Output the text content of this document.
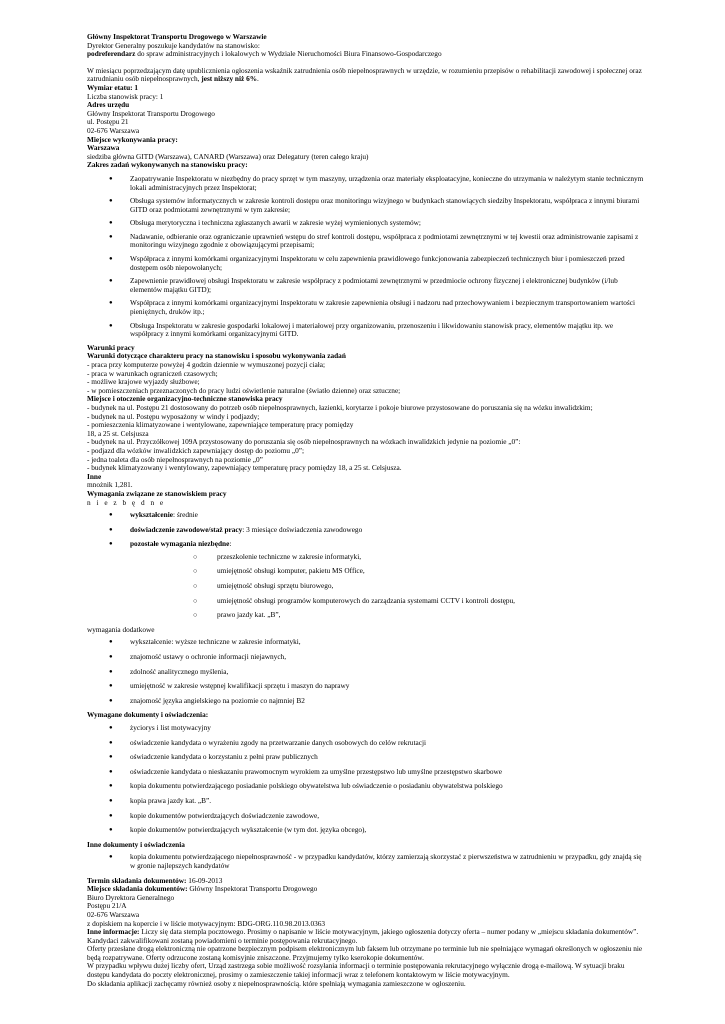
Główny Inspektorat Transportu Drogowego w Warszawie

Dyrektor Generalny poszukuje kandydatów na stanowisko:

podreferendarz do spraw administracyjnych i lokalowych w Wydziale Nieruchomości Biura Finansowo-Gospodarczego

W miesiącu poprzedzającym datę upublicznienia ogłoszenia wskaźnik zatrudnienia osób niepełnosprawnych w urzędzie, w rozumieniu przepisów o rehabilitacji zawodowej i społecznej oraz zatrudnianiu osób niepełnosprawnych, jest niższy niż 6%.

Wymiar etatu: 1

Liczba stanowisk pracy: 1

Adres urzędu

Główny Inspektorat Transportu Drogowego

ul. Postępu 21

02-676 Warszawa

Miejsce wykonywania pracy:

Warszawa

siedziba główna GITD (Warszawa), CANARD (Warszawa) oraz Delegatury (teren całego kraju)

Zakres zadań wykonywanych na stanowisku pracy:

● Zaopatrywanie Inspektoratu w niezbędny do pracy sprzęt w tym maszyny, urządzenia oraz materiały eksploatacyjne, konieczne do utrzymania w należytym stanie technicznym lokali administracyjnych przez Inspektorat;
● Obsługa systemów informatycznych w zakresie kontroli dostępu oraz monitoringu wizyjnego w budynkach stanowiących siedziby Inspektoratu, współpraca z innymi biurami GITD oraz podmiotami zewnętrznymi w tym zakresie;
● Obsługa merytoryczna i techniczna zgłaszanych awarii w zakresie wyżej wymienionych systemów;
● Nadawanie, odbieranie oraz ograniczanie uprawnień wstępu do stref kontroli dostępu, współpraca z podmiotami zewnętrznymi w tej kwestii oraz administrowanie zapisami z monitoringu wizyjnego zgodnie z obowiązującymi przepisami;
● Współpraca z innymi komórkami organizacyjnymi Inspektoratu w celu zapewnienia prawidłowego funkcjonowania zabezpieczeń technicznych biur i pomieszczeń przed dostępem osób niepowołanych;
● Zapewnienie prawidłowej obsługi Inspektoratu w zakresie współpracy z podmiotami zewnętrznymi w przedmiocie ochrony fizycznej i elektronicznej budynków (i/lub elementów majątku GITD);
● Współpraca z innymi komórkami organizacyjnymi Inspektoratu w zakresie zapewnienia obsługi i nadzoru nad przechowywaniem i bezpiecznym transportowaniem wartości pieniężnych, druków itp.;
● Obsługa Inspektoratu w zakresie gospodarki lokalowej i materiałowej przy organizowaniu, przenoszeniu i likwidowaniu stanowisk pracy, elementów majątku itp. we współpracy z innymi komórkami organizacyjnymi GITD.

Warunki pracy

Warunki dotyczące charakteru pracy na stanowisku i sposobu wykonywania zadań

- praca przy komputerze powyżej 4 godzin dziennie w wymuszonej pozycji ciała;

- praca w warunkach ograniczeń czasowych;

- możliwe krajowe wyjazdy służbowe;

- w pomieszczeniach przeznaczonych do pracy ludzi oświetlenie naturalne (światło dzienne) oraz sztuczne;

Miejsce i otoczenie organizacyjno-techniczne stanowiska pracy

- budynek na ul. Postępu 21 dostosowany do potrzeb osób niepełnosprawnych, łazienki, korytarze i pokoje biurowe przystosowane do poruszania się na wózku inwalidzkim;

- budynek na ul. Postępu wyposażony w windy i podjazdy;

- pomieszczenia klimatyzowane i wentylowane, zapewniające temperaturę pracy pomiędzy

18, a 25 st. Celsjusza

- budynek na ul. Przyczółkowej 109A przystosowany do poruszania się osób niepełnosprawnych na wózkach inwalidzkich jedynie na poziomie „0”:

- podjazd dla wózków inwalidzkich zapewniający dostęp do poziomu „0”;

- jedna toaleta dla osób niepełnosprawnych na poziomie „0”

- budynek klimatyzowany i wentylowany, zapewniający temperaturę pracy pomiędzy 18, a 25 st. Celsjusza.

Inne

mnożnik 1,281.

Wymagania związane ze stanowiskiem pracy

n i e z b ę d n e

● wykształcenie: średnie
● doświadczenie zawodowe/staż pracy: 3 miesiące doświadczenia zawodowego
● pozostałe wymagania niezbędne:
○ przeszkolenie techniczne w zakresie informatyki,
○ umiejętność obsługi komputer, pakietu MS Office,
○ umiejętność obsługi sprzętu biurowego,
○ umiejętność obsługi programów komputerowych do zarządzania systemami CCTV i kontroli dostępu,
○ prawo jazdy kat. „B”,

wymagania dodatkowe

● wykształcenie: wyższe techniczne w zakresie informatyki,
● znajomość ustawy o ochronie informacji niejawnych,
● zdolność analitycznego myślenia,
● umiejętność w zakresie wstępnej kwalifikacji sprzętu i maszyn do naprawy
● znajomość języka angielskiego na poziomie co najmniej B2

Wymagane dokumenty i oświadczenia:

● życiorys i list motywacyjny
● oświadczenie kandydata o wyrażeniu zgody na przetwarzanie danych osobowych do celów rekrutacji
● oświadczenie kandydata o korzystaniu z pełni praw publicznych
● oświadczenie kandydata o nieskazaniu prawomocnym wyrokiem za umyślne przestępstwo lub umyślne przestępstwo skarbowe
● kopia dokumentu potwierdzającego posiadanie polskiego obywatelstwa lub oświadczenie o posiadaniu obywatelstwa polskiego
● kopia prawa jazdy kat. „B”.
● kopie dokumentów potwierdzających doświadczenie zawodowe,
● kopie dokumentów potwierdzających wykształcenie (w tym dot. języka obcego),

Inne dokumenty i oświadczenia

● kopia dokumentu potwierdzającego niepełnosprawność - w przypadku kandydatów, którzy zamierzają skorzystać z pierwszeństwa w zatrudnieniu w przypadku, gdy znajdą się w gronie najlepszych kandydatów

Termin składania dokumentów: 16-09-2013

Miejsce składania dokumentów: Główny Inspektorat Transportu Drogowego

Biuro Dyrektora Generalnego

Postępu 21/A

02-676 Warszawa

z dopiskiem na kopercie i w liście motywacyjnym: BDG-ORG.110.98.2013.0363

Inne informacje: Liczy się data stempla pocztowego. Prosimy o napisanie w liście motywacyjnym, jakiego ogłoszenia dotyczy oferta – numer podany w „miejscu składania dokumentów”. Kandydaci zakwalifikowani zostaną powiadomieni o terminie postępowania rekrutacyjnego.

Oferty przesłane drogą elektroniczną nie opatrzone bezpiecznym podpisem elektronicznym lub faksem lub otrzymane po terminie lub nie spełniające wymagań określonych w ogłoszeniu nie będą rozpatrywane. Oferty odrzucone zostaną komisyjnie zniszczone. Przyjmujemy tylko kserokopie dokumentów.

W przypadku wpływu dużej liczby ofert, Urząd zastrzega sobie możliwość rozsyłania informacji o terminie postępowania rekrutacyjnego wyłącznie drogą e-mailową. W sytuacji braku dostępu kandydata do poczty elektronicznej, prosimy o zamieszczenie takiej informacji wraz z telefonem kontaktowym w liście motywacyjnym.

Do składania aplikacji zachęcamy również osoby z niepełnosprawnością. które spełniają wymagania zamieszczone w ogłoszeniu.
